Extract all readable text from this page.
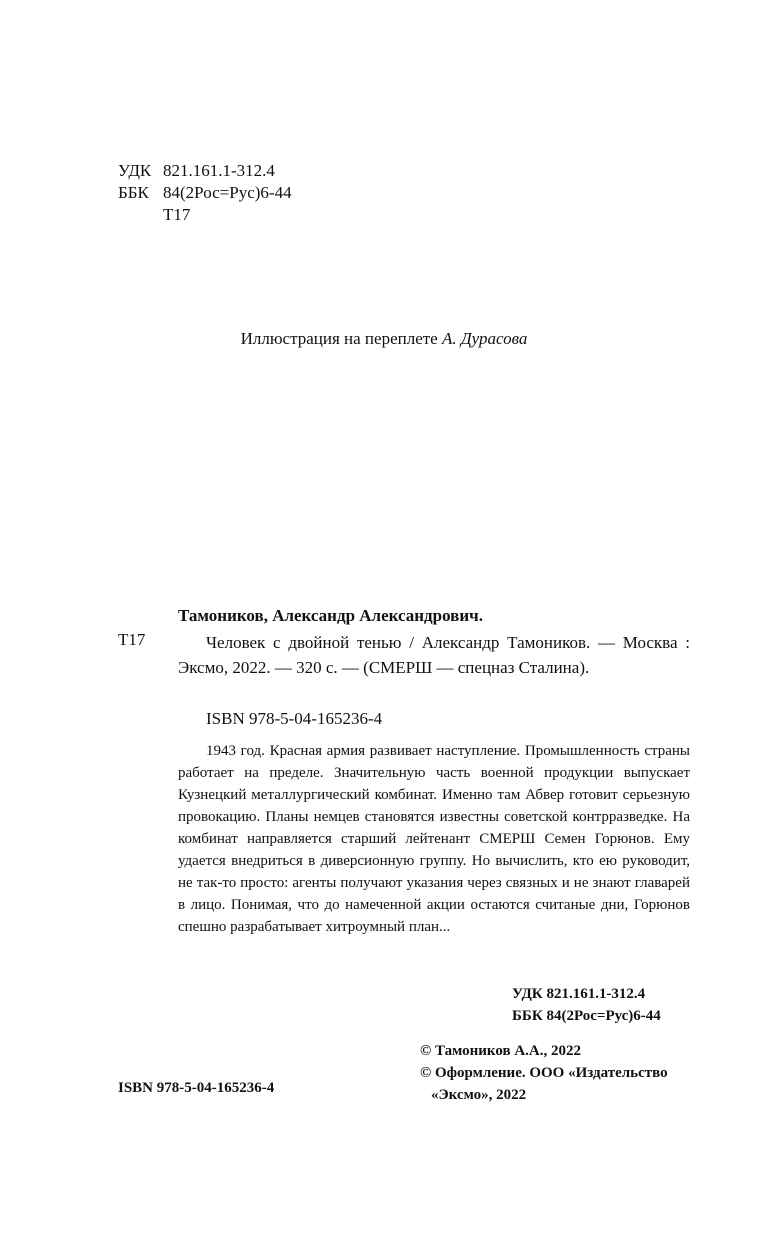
УДК 821.161.1-312.4
ББК 84(2Рос=Рус)6-44
Т17
Иллюстрация на переплете А. Дурасова
Тамоников, Александр Александрович.
Т17	Человек с двойной тенью / Александр Тамоников. — Москва : Эксмо, 2022. — 320 с. — (СМЕРШ — спецназ Сталина).
ISBN 978-5-04-165236-4
1943 год. Красная армия развивает наступление. Промышленность страны работает на пределе. Значительную часть военной продукции выпускает Кузнецкий металлургический комбинат. Именно там Абвер готовит серьезную провокацию. Планы немцев становятся известны советской контрразведке. На комбинат направляется старший лейтенант СМЕРШ Семен Горюнов. Ему удается внедриться в диверсионную группу. Но вычислить, кто ею руководит, не так-то просто: агенты получают указания через связных и не знают главарей в лицо. Понимая, что до намеченной акции остаются считаные дни, Горюнов спешно разрабатывает хитроумный план...
УДК 821.161.1-312.4
ББК 84(2Рос=Рус)6-44
© Тамоников А.А., 2022
© Оформление. ООО «Издательство
«Эксмо», 2022
ISBN 978-5-04-165236-4
